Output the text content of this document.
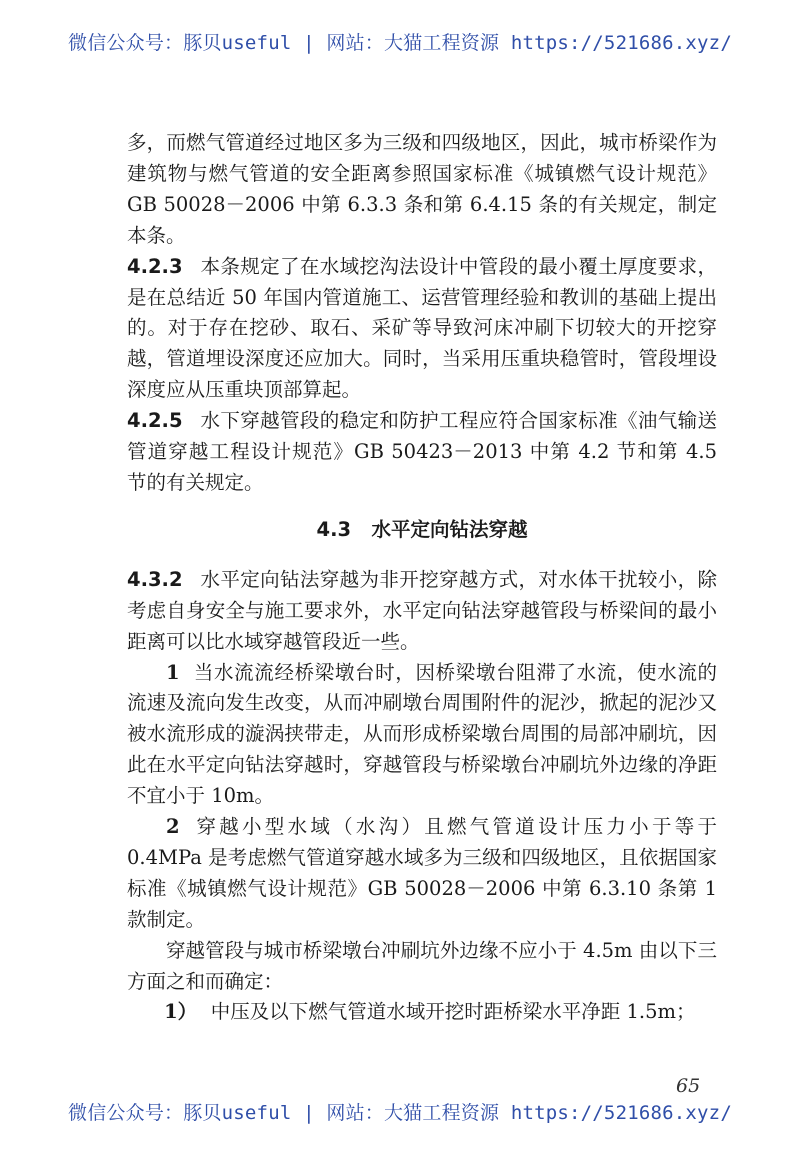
微信公众号：豚贝useful | 网站：大猫工程资源 https://521686.xyz/

多，而燃气管道经过地区多为三级和四级地区，因此，城市桥梁作为建筑物与燃气管道的安全距离参照国家标准《城镇燃气设计规范》GB 50028－2006 中第 6.3.3 条和第 6.4.15 条的有关规定，制定本条。

4.2.3 本条规定了在水域挖沟法设计中管段的最小覆土厚度要求，是在总结近 50 年国内管道施工、运营管理经验和教训的基础上提出的。对于存在挖砂、取石、采矿等导致河床冲刷下切较大的开挖穿越，管道埋设深度还应加大。同时，当采用压重块稳管时，管段埋设深度应从压重块顶部算起。

4.2.5 水下穿越管段的稳定和防护工程应符合国家标准《油气输送管道穿越工程设计规范》GB 50423－2013 中第 4.2 节和第 4.5 节的有关规定。

4.3 水平定向钻法穿越

4.3.2 水平定向钻法穿越为非开挖穿越方式，对水体干扰较小，除考虑自身安全与施工要求外，水平定向钻法穿越管段与桥梁间的最小距离可以比水域穿越管段近一些。

1 当水流流经桥梁墩台时，因桥梁墩台阻滞了水流，使水流的流速及流向发生改变，从而冲刷墩台周围附件的泥沙，掀起的泥沙又被水流形成的漩涡挟带走，从而形成桥梁墩台周围的局部冲刷坑，因此在水平定向钻法穿越时，穿越管段与桥梁墩台冲刷坑外边缘的净距不宜小于 10m。

2 穿越小型水域（水沟）且燃气管道设计压力小于等于 0.4MPa 是考虑燃气管道穿越水域多为三级和四级地区，且依据国家标准《城镇燃气设计规范》GB 50028－2006 中第 6.3.10 条第 1 款制定。

穿越管段与城市桥梁墩台冲刷坑外边缘不应小于 4.5m 由以下三方面之和而确定：

1） 中压及以下燃气管道水域开挖时距桥梁水平净距 1.5m；

65
微信公众号：豚贝useful | 网站：大猫工程资源 https://521686.xyz/
